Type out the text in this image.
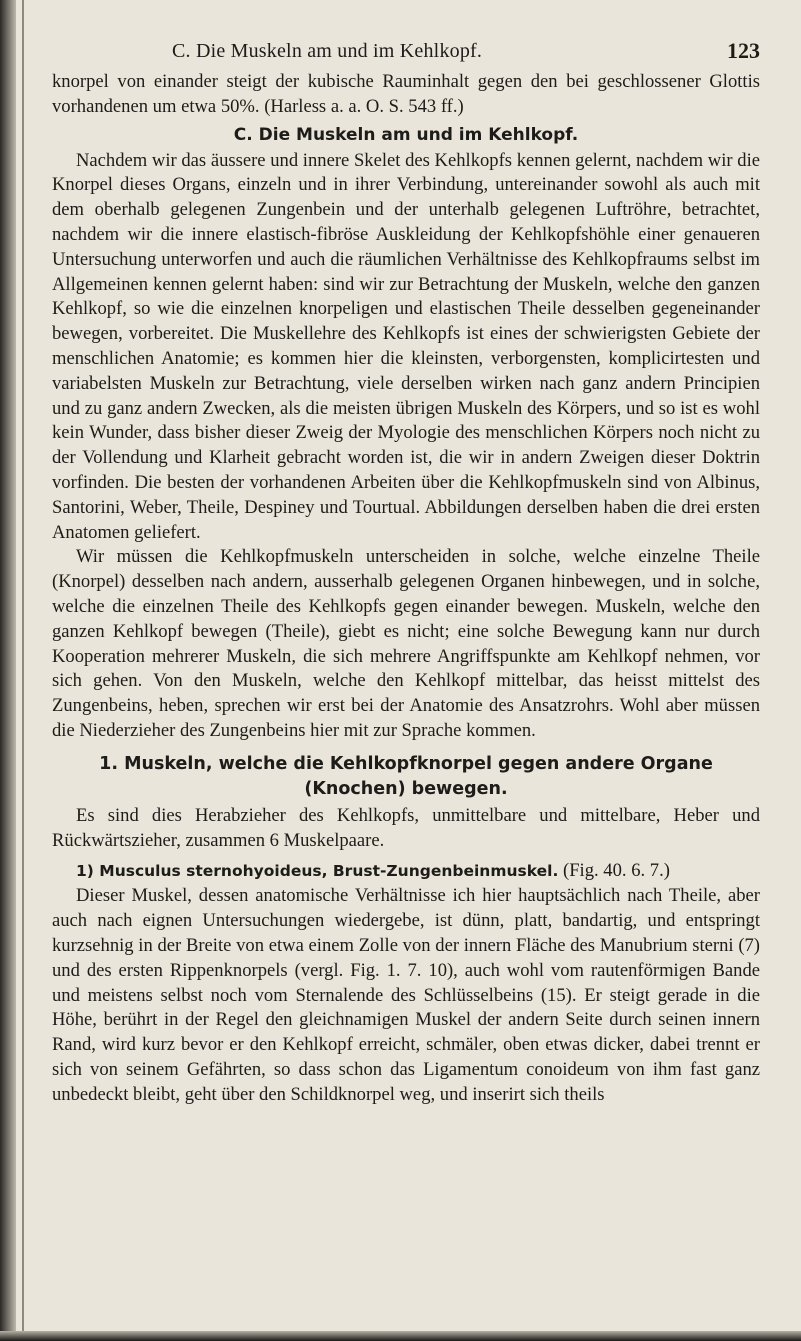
C. Die Muskeln am und im Kehlkopf.	123

knorpel von einander steigt der kubische Rauminhalt gegen den bei geschlossener Glottis vorhandenen um etwa 50%. (Harless a. a. O. S. 543 ff.)

C. Die Muskeln am und im Kehlkopf.

Nachdem wir das äussere und innere Skelet des Kehlkopfs kennen gelernt, nachdem wir die Knorpel dieses Organs, einzeln und in ihrer Verbindung, untereinander sowohl als auch mit dem oberhalb gelegenen Zungenbein und der unterhalb gelegenen Luftröhre, betrachtet, nachdem wir die innere elastisch-fibröse Auskleidung der Kehlkopfshöhle einer genaueren Untersuchung unterworfen und auch die räumlichen Verhältnisse des Kehlkopfraums selbst im Allgemeinen kennen gelernt haben: sind wir zur Betrachtung der Muskeln, welche den ganzen Kehlkopf, so wie die einzelnen knorpeligen und elastischen Theile desselben gegeneinander bewegen, vorbereitet. Die Muskellehre des Kehlkopfs ist eines der schwierigsten Gebiete der menschlichen Anatomie; es kommen hier die kleinsten, verborgensten, komplicirtesten und variabelsten Muskeln zur Betrachtung, viele derselben wirken nach ganz andern Principien und zu ganz andern Zwecken, als die meisten übrigen Muskeln des Körpers, und so ist es wohl kein Wunder, dass bisher dieser Zweig der Myologie des menschlichen Körpers noch nicht zu der Vollendung und Klarheit gebracht worden ist, die wir in andern Zweigen dieser Doktrin vorfinden. Die besten der vorhandenen Arbeiten über die Kehlkopfmuskeln sind von Albinus, Santorini, Weber, Theile, Despiney und Tourtual. Abbildungen derselben haben die drei ersten Anatomen geliefert.

Wir müssen die Kehlkopfmuskeln unterscheiden in solche, welche einzelne Theile (Knorpel) desselben nach andern, ausserhalb gelegenen Organen hinbewegen, und in solche, welche die einzelnen Theile des Kehlkopfs gegen einander bewegen. Muskeln, welche den ganzen Kehlkopf bewegen (Theile), giebt es nicht; eine solche Bewegung kann nur durch Kooperation mehrerer Muskeln, die sich mehrere Angriffspunkte am Kehlkopf nehmen, vor sich gehen. Von den Muskeln, welche den Kehlkopf mittelbar, das heisst mittelst des Zungenbeins, heben, sprechen wir erst bei der Anatomie des Ansatzrohrs. Wohl aber müssen die Niederzieher des Zungenbeins hier mit zur Sprache kommen.

1. Muskeln, welche die Kehlkopfknorpel gegen andere Organe
(Knochen) bewegen.

Es sind dies Herabzieher des Kehlkopfs, unmittelbare und mittelbare, Heber und Rückwärtszieher, zusammen 6 Muskelpaare.

1) Musculus sternohyoideus, Brust-Zungenbeinmuskel. (Fig. 40. 6. 7.)

Dieser Muskel, dessen anatomische Verhältnisse ich hier hauptsächlich nach Theile, aber auch nach eignen Untersuchungen wiedergebe, ist dünn, platt, bandartig, und entspringt kurzsehnig in der Breite von etwa einem Zolle von der innern Fläche des Manubrium sterni (7) und des ersten Rippenknorpels (vergl. Fig. 1. 7. 10), auch wohl vom rautenförmigen Bande und meistens selbst noch vom Sternalende des Schlüsselbeins (15). Er steigt gerade in die Höhe, berührt in der Regel den gleichnamigen Muskel der andern Seite durch seinen innern Rand, wird kurz bevor er den Kehlkopf erreicht, schmäler, oben etwas dicker, dabei trennt er sich von seinem Gefährten, so dass schon das Ligamentum conoideum von ihm fast ganz unbedeckt bleibt, geht über den Schildknorpel weg, und inserirt sich theils
